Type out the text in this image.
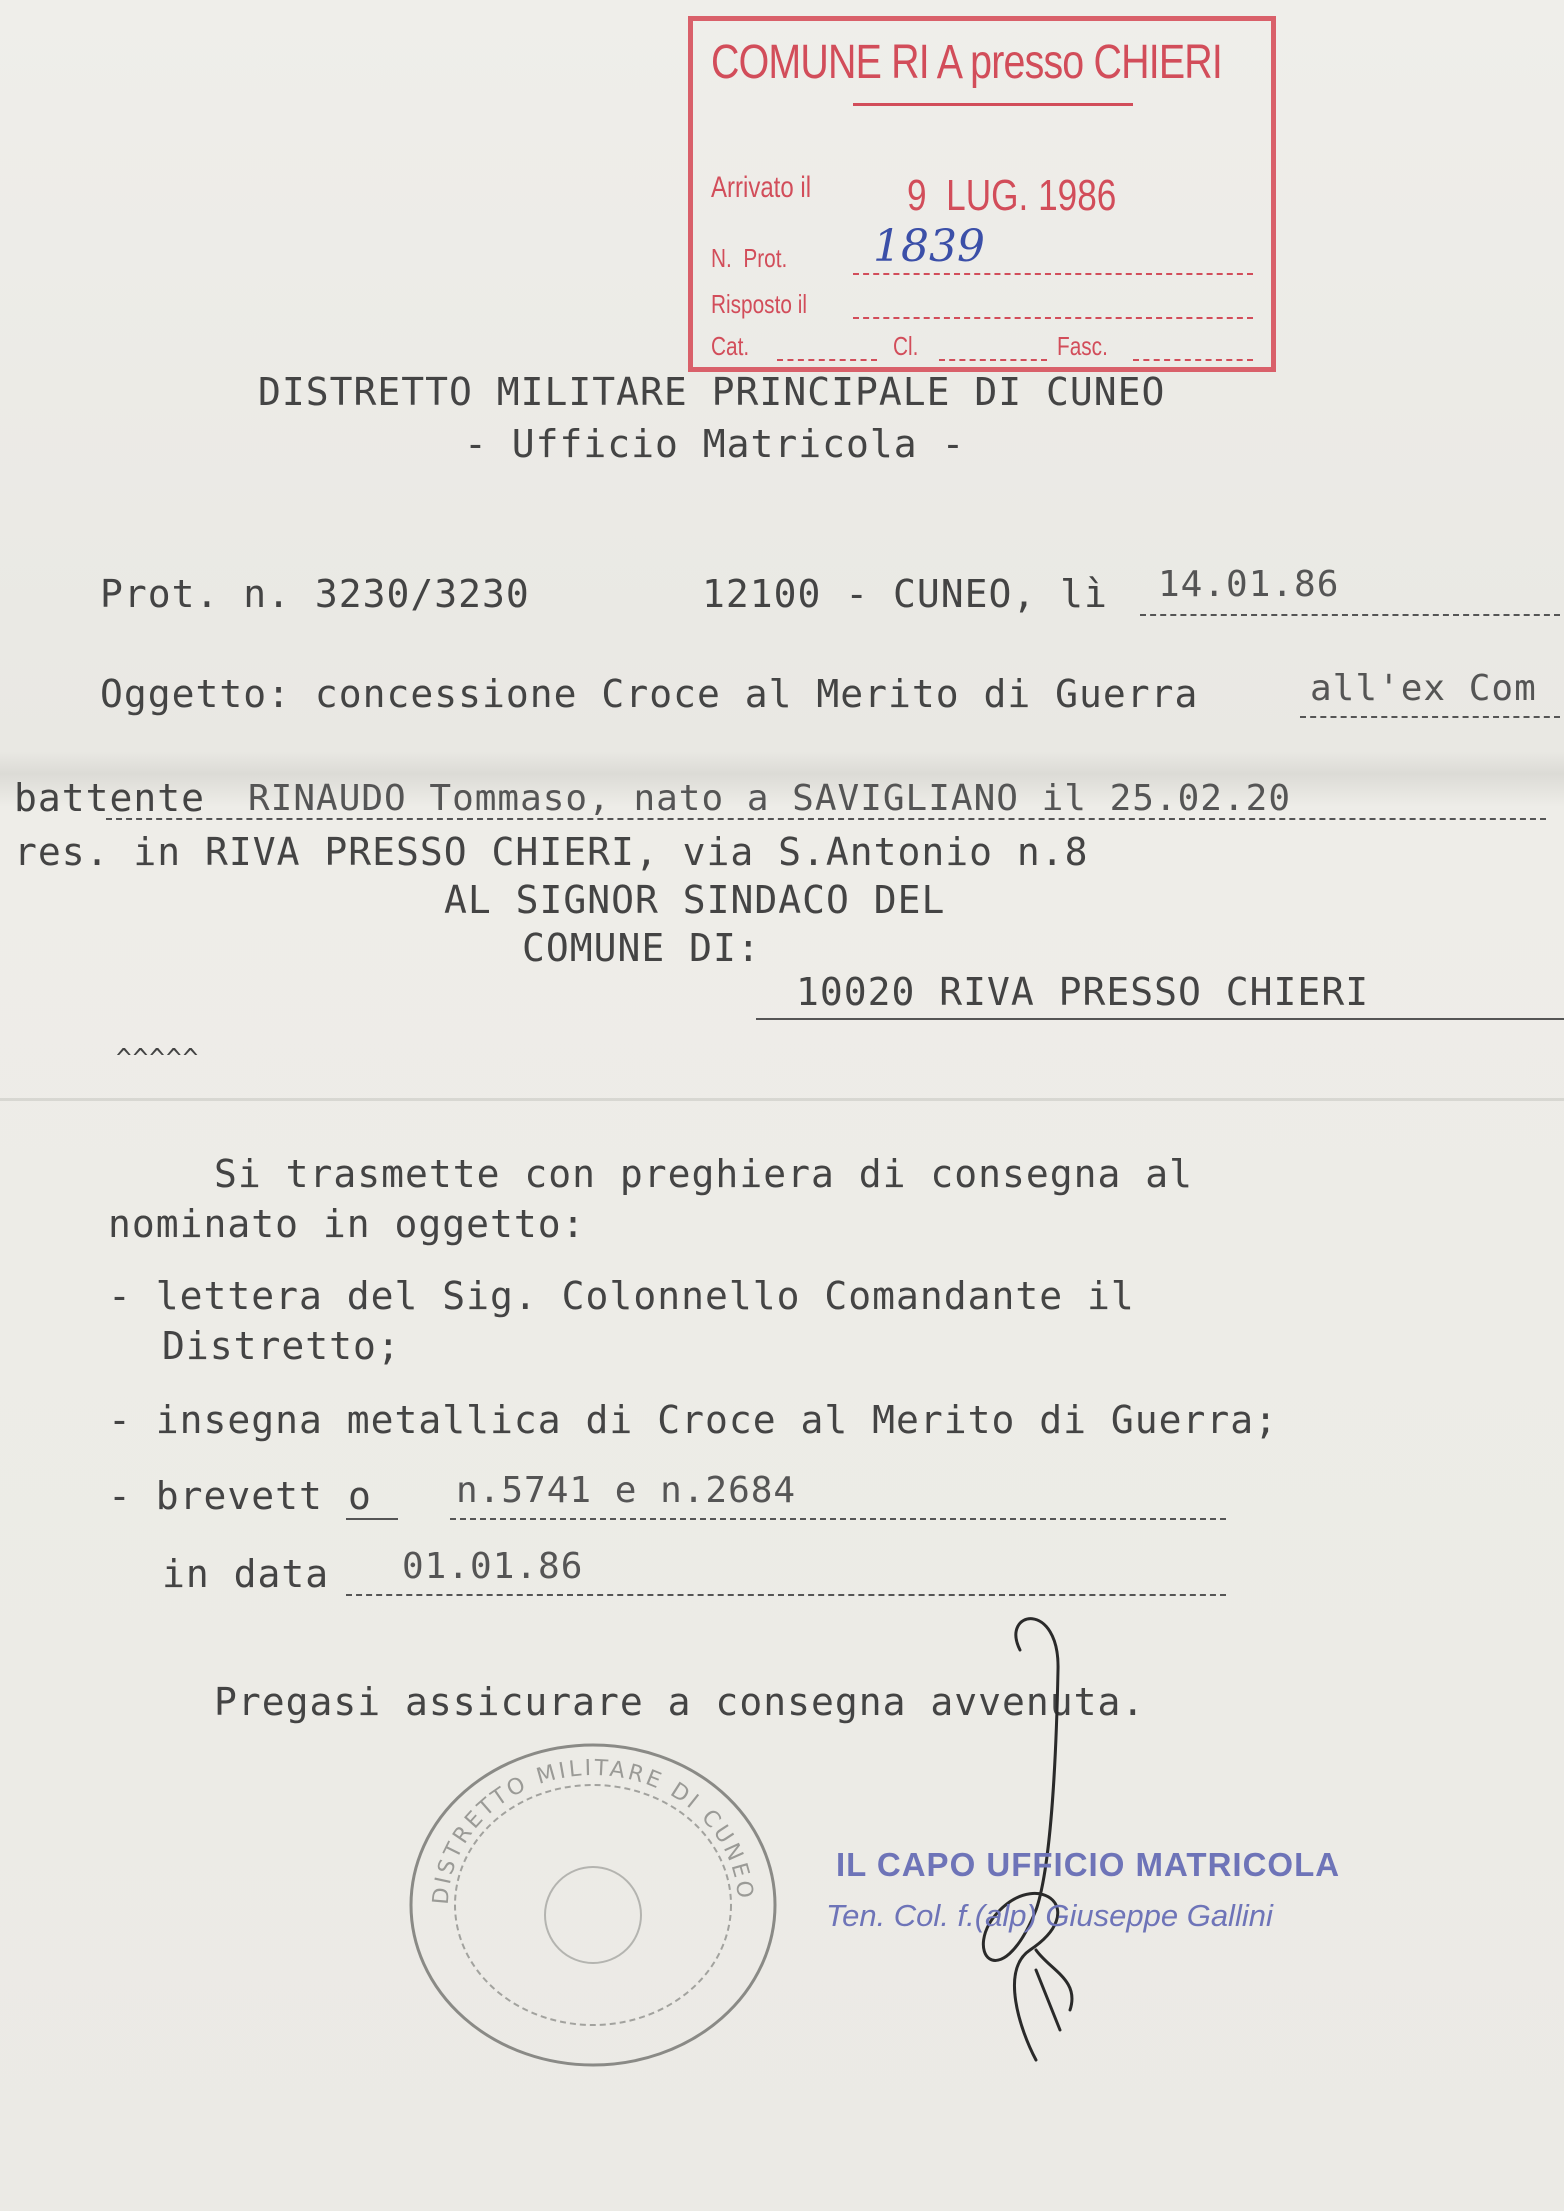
COMUNE RI A presso CHIERI
Arrivato il 9  LUG. 1986
N.  Prot. 1839
Risposto il
Cat.	Cl.	Fasc.
DISTRETTO MILITARE PRINCIPALE DI CUNEO
- Ufficio Matricola -
Prot. n. 3230/3230	12100 - CUNEO, lì 14.01.86
Oggetto: concessione Croce al Merito di Guerra	all'ex Com
battente RINAUDO Tommaso, nato a SAVIGLIANO il 25.02.20
res. in RIVA PRESSO CHIERI, via S.Antonio n.8
AL SIGNOR SINDACO DEL
COMUNE DI:
10020 RIVA PRESSO CHIERI
^^^^^
Si trasmette con preghiera di consegna al
nominato in oggetto:
- lettera del Sig. Colonnello Comandante il
Distretto;
- insegna metallica di Croce al Merito di Guerra;
- brevett o n.5741 e n.2684
in data 01.01.86
Pregasi assicurare a consegna avvenuta.
DISTRETTO MILITARE DI CUNEO
IL CAPO UFFICIO MATRICOLA
Ten. Col. f.(alp) Giuseppe Gallini
